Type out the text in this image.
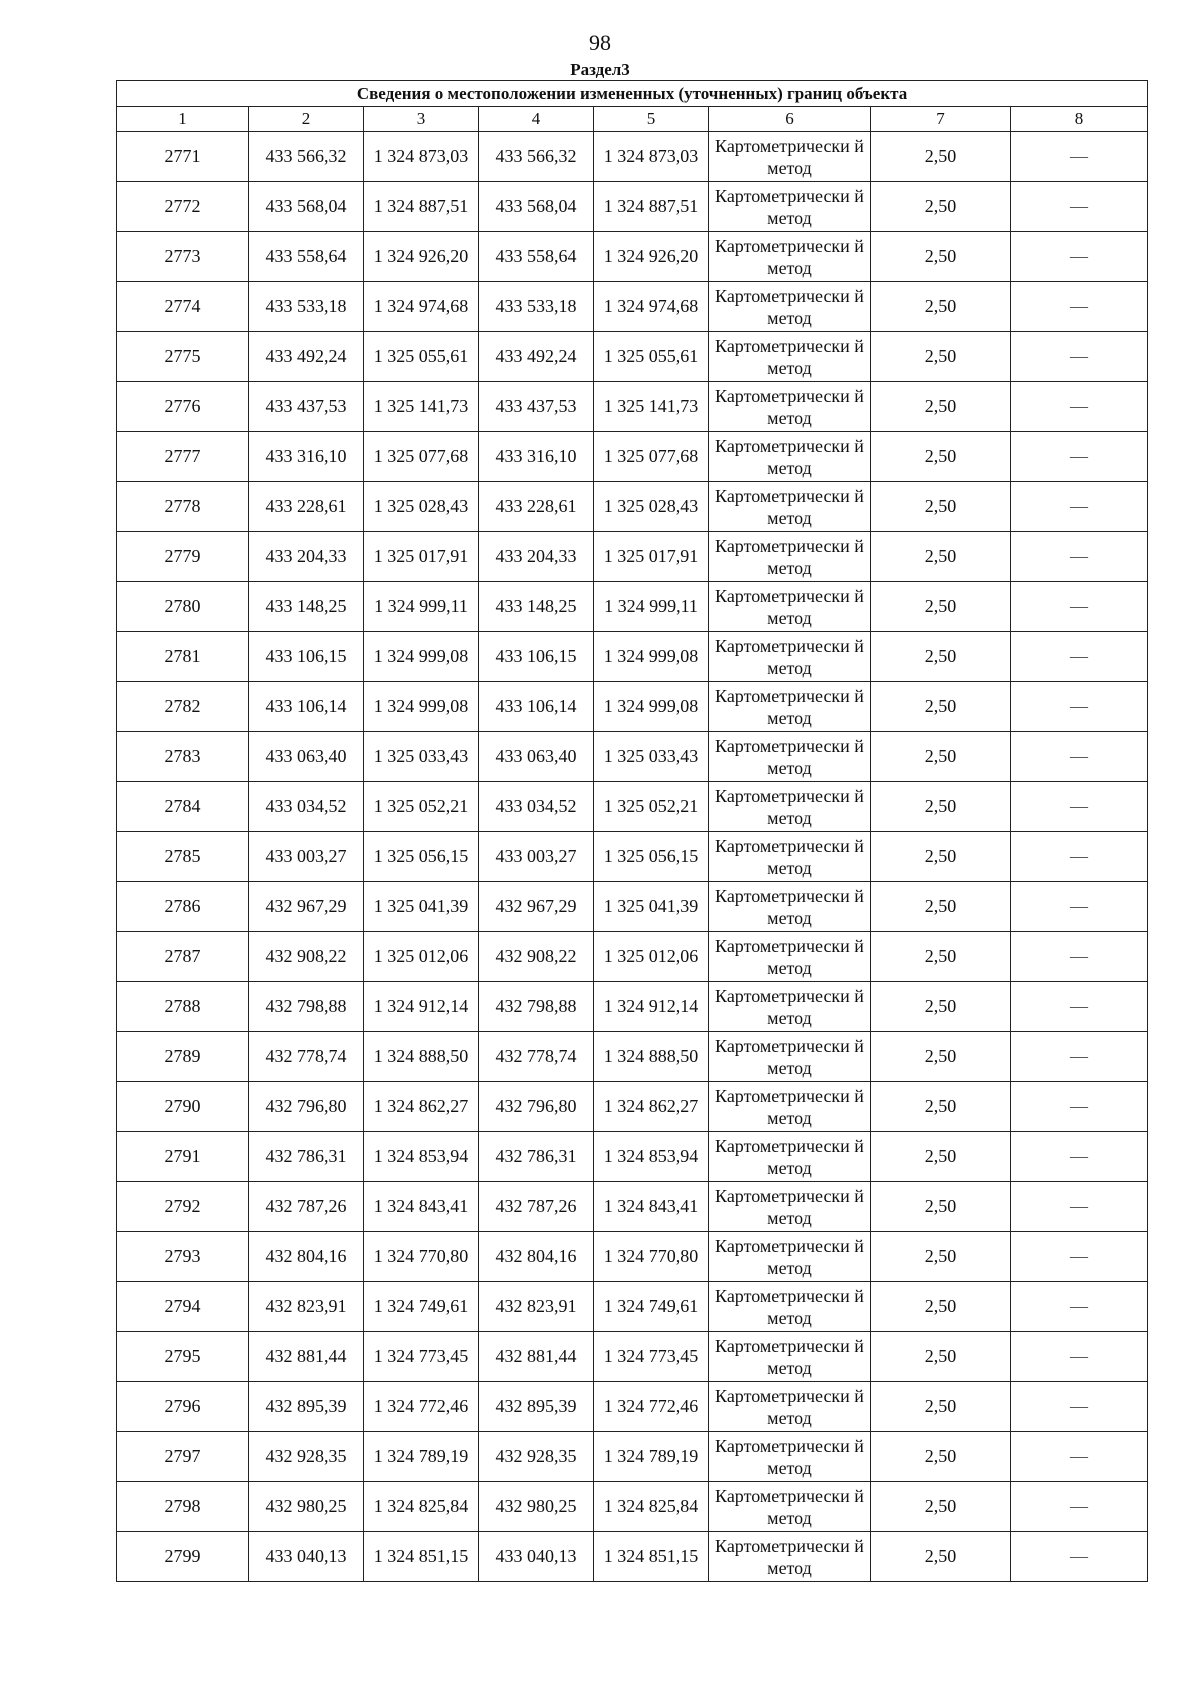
98
Раздел3
Сведения о местоположении измененных (уточненных) границ объекта							
1	2	3	4	5	6	7	8
2771	433 566,32	1 324 873,03	433 566,32	1 324 873,03	Картометрически й метод	2,50	—
2772	433 568,04	1 324 887,51	433 568,04	1 324 887,51	Картометрически й метод	2,50	—
2773	433 558,64	1 324 926,20	433 558,64	1 324 926,20	Картометрически й метод	2,50	—
2774	433 533,18	1 324 974,68	433 533,18	1 324 974,68	Картометрически й метод	2,50	—
2775	433 492,24	1 325 055,61	433 492,24	1 325 055,61	Картометрически й метод	2,50	—
2776	433 437,53	1 325 141,73	433 437,53	1 325 141,73	Картометрически й метод	2,50	—
2777	433 316,10	1 325 077,68	433 316,10	1 325 077,68	Картометрически й метод	2,50	—
2778	433 228,61	1 325 028,43	433 228,61	1 325 028,43	Картометрически й метод	2,50	—
2779	433 204,33	1 325 017,91	433 204,33	1 325 017,91	Картометрически й метод	2,50	—
2780	433 148,25	1 324 999,11	433 148,25	1 324 999,11	Картометрически й метод	2,50	—
2781	433 106,15	1 324 999,08	433 106,15	1 324 999,08	Картометрически й метод	2,50	—
2782	433 106,14	1 324 999,08	433 106,14	1 324 999,08	Картометрически й метод	2,50	—
2783	433 063,40	1 325 033,43	433 063,40	1 325 033,43	Картометрически й метод	2,50	—
2784	433 034,52	1 325 052,21	433 034,52	1 325 052,21	Картометрически й метод	2,50	—
2785	433 003,27	1 325 056,15	433 003,27	1 325 056,15	Картометрически й метод	2,50	—
2786	432 967,29	1 325 041,39	432 967,29	1 325 041,39	Картометрически й метод	2,50	—
2787	432 908,22	1 325 012,06	432 908,22	1 325 012,06	Картометрически й метод	2,50	—
2788	432 798,88	1 324 912,14	432 798,88	1 324 912,14	Картометрически й метод	2,50	—
2789	432 778,74	1 324 888,50	432 778,74	1 324 888,50	Картометрически й метод	2,50	—
2790	432 796,80	1 324 862,27	432 796,80	1 324 862,27	Картометрически й метод	2,50	—
2791	432 786,31	1 324 853,94	432 786,31	1 324 853,94	Картометрически й метод	2,50	—
2792	432 787,26	1 324 843,41	432 787,26	1 324 843,41	Картометрически й метод	2,50	—
2793	432 804,16	1 324 770,80	432 804,16	1 324 770,80	Картометрически й метод	2,50	—
2794	432 823,91	1 324 749,61	432 823,91	1 324 749,61	Картометрически й метод	2,50	—
2795	432 881,44	1 324 773,45	432 881,44	1 324 773,45	Картометрически й метод	2,50	—
2796	432 895,39	1 324 772,46	432 895,39	1 324 772,46	Картометрически й метод	2,50	—
2797	432 928,35	1 324 789,19	432 928,35	1 324 789,19	Картометрически й метод	2,50	—
2798	432 980,25	1 324 825,84	432 980,25	1 324 825,84	Картометрически й метод	2,50	—
2799	433 040,13	1 324 851,15	433 040,13	1 324 851,15	Картометрически й метод	2,50	—
